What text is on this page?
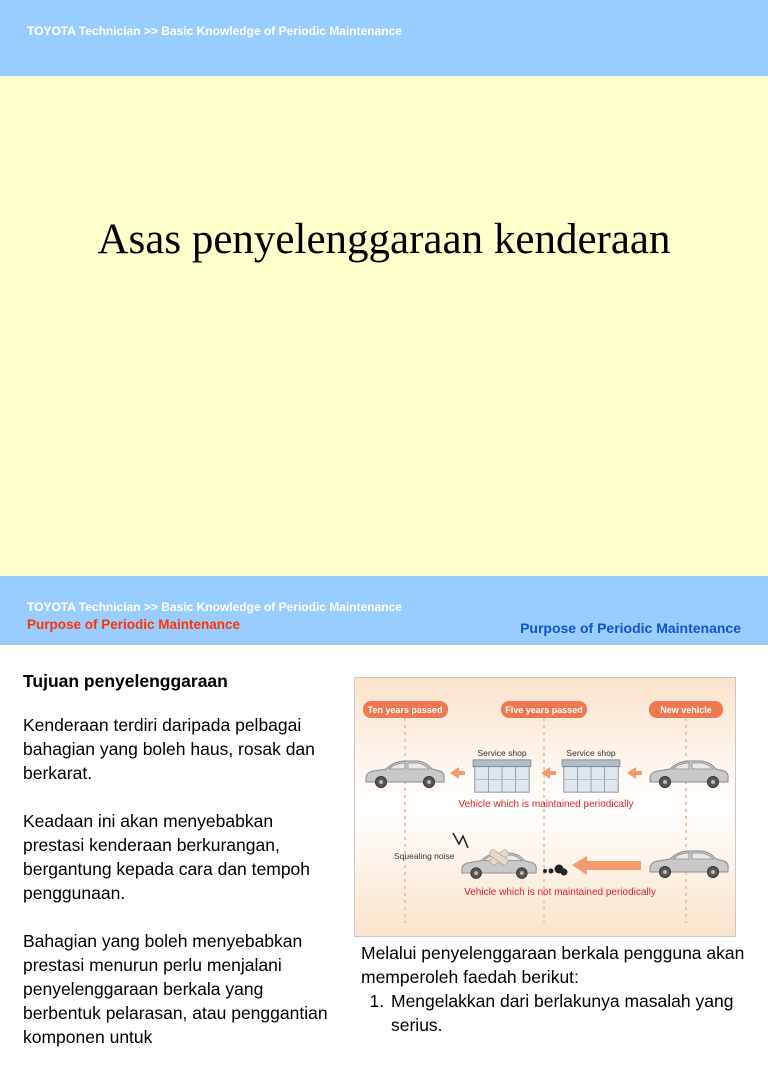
TOYOTA Technician >> Basic Knowledge of Periodic Maintenance
Asas penyelenggaraan kenderaan
TOYOTA Technician >> Basic Knowledge of Periodic Maintenance
Purpose of Periodic Maintenance	Purpose of Periodic Maintenance

Tujuan penyelenggaraan

Kenderaan terdiri daripada pelbagai bahagian yang boleh haus, rosak dan berkarat.

Keadaan ini akan menyebabkan prestasi kenderaan berkurangan, bergantung kepada cara dan tempoh penggunaan.

Bahagian yang boleh menyebabkan prestasi menurun perlu menjalani penyelenggaraan berkala yang berbentuk pelarasan, atau penggantian komponen untuk

Ten years passed	Five years passed	New vehicle
Service shop	Service shop
Vehicle which is maintained periodically
Squealing noise
Vehicle which is not maintained periodically
Melalui penyelenggaraan berkala pengguna akan memperoleh faedah berikut:
1. Mengelakkan dari berlakunya masalah yang serius.
